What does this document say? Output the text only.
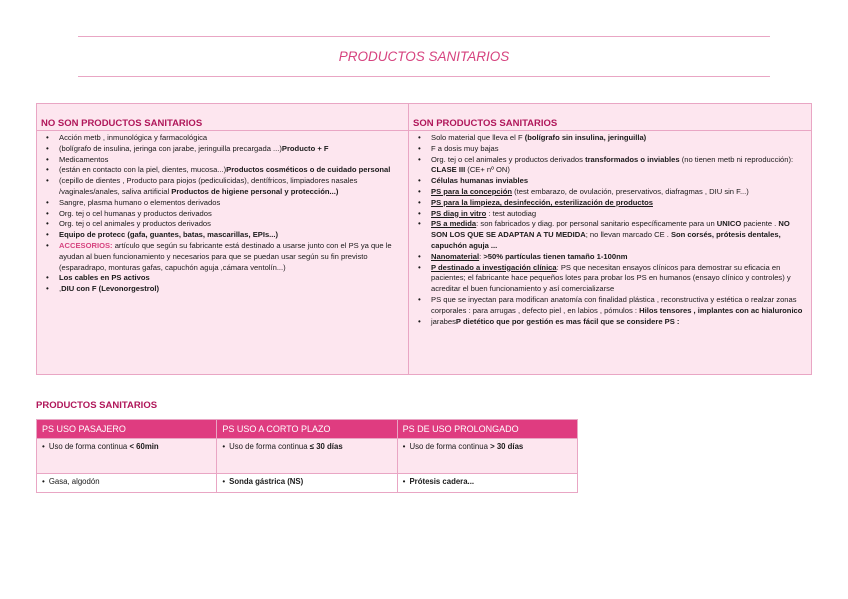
PRODUCTOS SANITARIOS
NO SON PRODUCTOS SANITARIOS
• Acción metb , inmunológica y farmacológica
• (bolígrafo de insulina, jeringa con jarabe, jeringuilla precargada ...)Producto + F
• Medicamentos
• (están en contacto con la piel, dientes, mucosa...)Productos cosméticos o de cuidado personal
• (cepillo de dientes , Producto para piojos (pediculicidas), dentífricos, limpiadores nasales /vaginales/anales, saliva artificial Productos de higiene personal y protección...)
• Sangre, plasma humano o elementos derivados
• Org. tej o cel humanas y productos derivados
• Org. tej o cel animales y productos derivados
• Equipo de protecc (gafa, guantes, batas, mascarillas, EPIs...)
• ACCESORIOS: artículo que según su fabricante está destinado a usarse junto con el PS ya que le ayudan al buen funcionamiento y necesarios para que se puedan usar según su fin previsto (esparadrapo, monturas gafas, capuchón aguja ,cámara ventolín...)
• Los cables en PS activos
• ,DIU con F (Levonorgestrol)
SON PRODUCTOS SANITARIOS
• Solo material que lleva el F (bolígrafo sin insulina, jeringuilla)
• F a dosis muy bajas
• Org. tej o cel animales y productos derivados transformados o inviables (no tienen metb ni reproducción): CLASE III (CE+ nº ON)
• Células humanas inviables
• PS para la concepción (test embarazo, de ovulación, preservativos, diafragmas , DIU sin F...)
• PS para la limpieza, desinfección, esterilización de productos
• PS diag in vitro : test autodiag
• PS a medida: son fabricados y diag. por personal sanitario específicamente para un UNICO paciente . NO SON LOS QUE SE ADAPTAN A TU MEDIDA; no llevan marcado CE . Son corsés, prótesis dentales, capuchón aguja ...
• Nanomaterial: >50% partículas tienen tamaño 1-100nm
• P destinado a investigación clínica: PS que necesitan ensayos clínicos para demostrar su eficacia en pacientes; el fabricante hace pequeños lotes para probar los PS en humanos (ensayo clínico y controles) y acreditar el buen funcionamiento y así comercializarse
• PS que se inyectan para modifican anatomía con finalidad plástica , reconstructiva y estética o realzar zonas corporales : para arrugas , defecto piel , en labios , pómulos : Hilos tensores , implantes con ac hialuronico
• jarabesP dietético que por gestión es mas fácil que se considere PS :
PRODUCTOS SANITARIOS
PS USO PASAJERO	PS USO A CORTO PLAZO	PS DE USO PROLONGADO
• Uso de forma continua < 60min	• Uso de forma continua ≤ 30 días	• Uso de forma continua > 30 días
• Gasa, algodón	• Sonda gástrica (NS)	• Prótesis cadera...
